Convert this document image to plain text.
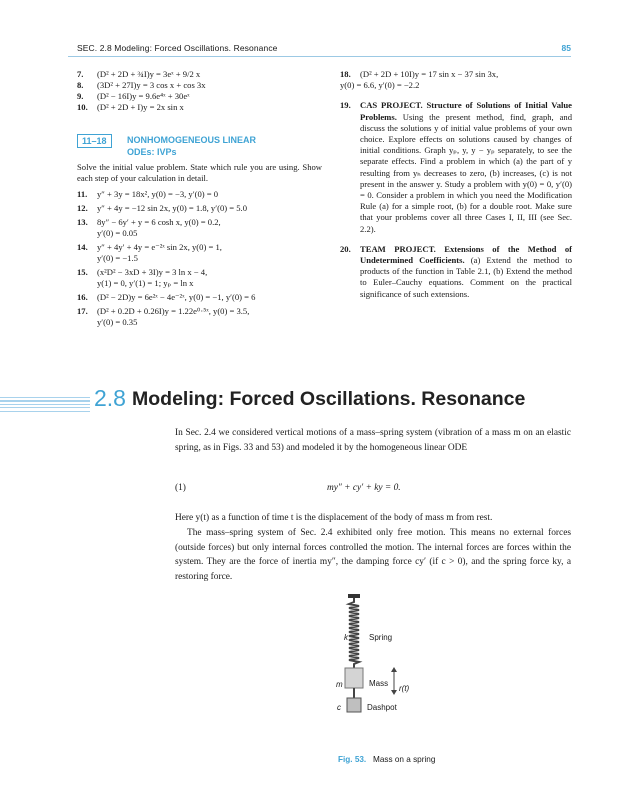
SEC. 2.8 Modeling: Forced Oscillations. Resonance	85
7. (D² + 2D + ¾I)y = 3eˣ + 9/2 x
8. (3D² + 27I)y = 3 cos x + cos 3x
9. (D² − 16I)y = 9.6e⁴ˣ + 30eˣ
10. (D² + 2D + I)y = 2x sin x
11–18	NONHOMOGENEOUS LINEAR
ODEs: IVPs
Solve the initial value problem. State which rule you are using. Show each step of your calculation in detail.
11. y″ + 3y = 18x², y(0) = −3, y′(0) = 0
12. y″ + 4y = −12 sin 2x, y(0) = 1.8, y′(0) = 5.0
13. 8y″ − 6y′ + y = 6 cosh x, y(0) = 0.2,
y′(0) = 0.05
14. y″ + 4y′ + 4y = e⁻²ˣ sin 2x, y(0) = 1,
y′(0) = −1.5
15. (x²D² − 3xD + 3I)y = 3 ln x − 4,
y(1) = 0, y′(1) = 1; yₚ = ln x
16. (D² − 2D)y = 6e²ˣ − 4e⁻²ˣ, y(0) = −1, y′(0) = 6
17. (D² + 0.2D + 0.26I)y = 1.22e⁰·⁵ˣ, y(0) = 3.5,
y′(0) = 0.35
18. (D² + 2D + 10I)y = 17 sin x − 37 sin 3x,
y(0) = 6.6, y′(0) = −2.2
19. CAS PROJECT. Structure of Solutions of Initial Value Problems. Using the present method, find, graph, and discuss the solutions y of initial value problems of your own choice. Explore effects on solutions caused by changes of initial conditions. Graph yₚ, y, y − yₚ separately, to see the separate effects. Find a problem in which (a) the part of y resulting from yₕ decreases to zero, (b) increases, (c) is not present in the answer y. Study a problem with y(0) = 0, y′(0) = 0. Consider a problem in which you need the Modification Rule (a) for a simple root, (b) for a double root. Make sure that your problems cover all three Cases I, II, III (see Sec. 2.2).
20. TEAM PROJECT. Extensions of the Method of Undetermined Coefficients. (a) Extend the method to products of the function in Table 2.1, (b) Extend the method to Euler–Cauchy equations. Comment on the practical significance of such extensions.
2.8 Modeling: Forced Oscillations. Resonance
In Sec. 2.4 we considered vertical motions of a mass–spring system (vibration of a mass m on an elastic spring, as in Figs. 33 and 53) and modeled it by the homogeneous linear ODE
(1)	my″ + cy′ + ky = 0.
Here y(t) as a function of time t is the displacement of the body of mass m from rest.
The mass–spring system of Sec. 2.4 exhibited only free motion. This means no external forces (outside forces) but only internal forces controlled the motion. The internal forces are forces within the system. They are the force of inertia my″, the damping force cy′ (if c > 0), and the spring force ky, a restoring force.
k	Spring
m	Mass
r(t)
c	Dashpot
Fig. 53. Mass on a spring
